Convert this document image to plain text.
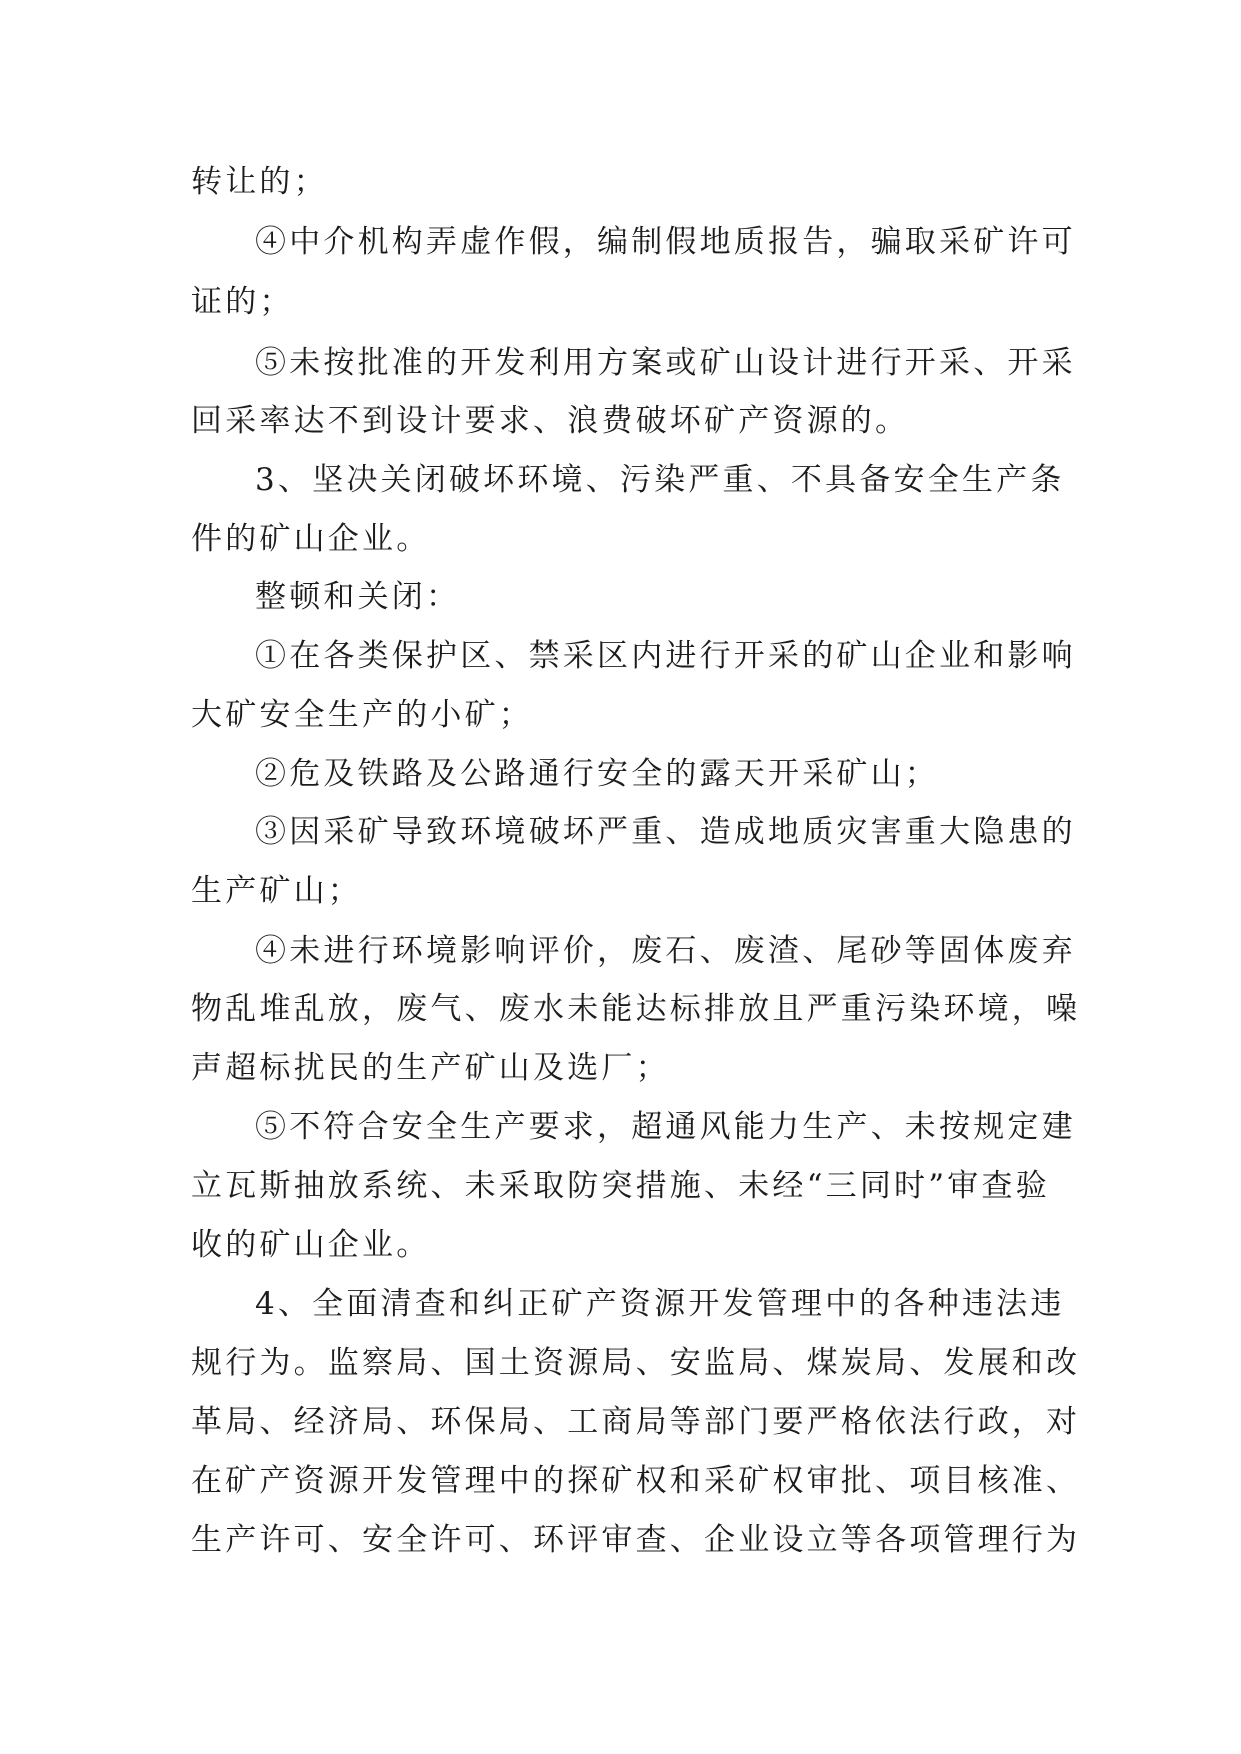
转让的；
④中介机构弄虚作假，编制假地质报告，骗取采矿许可
证的；
⑤未按批准的开发利用方案或矿山设计进行开采、开采
回采率达不到设计要求、浪费破坏矿产资源的。
3、坚决关闭破坏环境、污染严重、不具备安全生产条
件的矿山企业。
整顿和关闭：
①在各类保护区、禁采区内进行开采的矿山企业和影响
大矿安全生产的小矿；
②危及铁路及公路通行安全的露天开采矿山；
③因采矿导致环境破坏严重、造成地质灾害重大隐患的
生产矿山；
④未进行环境影响评价，废石、废渣、尾砂等固体废弃
物乱堆乱放，废气、废水未能达标排放且严重污染环境，噪
声超标扰民的生产矿山及选厂；
⑤不符合安全生产要求，超通风能力生产、未按规定建
立瓦斯抽放系统、未采取防突措施、未经“三同时”审查验
收的矿山企业。
4、全面清查和纠正矿产资源开发管理中的各种违法违
规行为。监察局、国土资源局、安监局、煤炭局、发展和改
革局、经济局、环保局、工商局等部门要严格依法行政，对
在矿产资源开发管理中的探矿权和采矿权审批、项目核准、
生产许可、安全许可、环评审查、企业设立等各项管理行为
